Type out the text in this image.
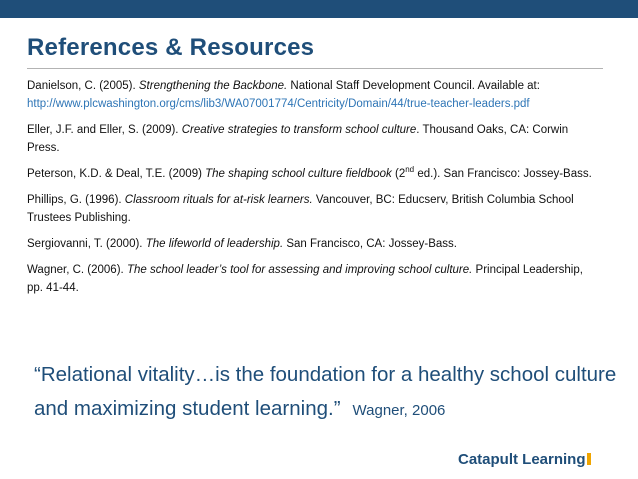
References & Resources

Danielson, C. (2005). Strengthening the Backbone. National Staff Development Council. Available at: http://www.plcwashington.org/cms/lib3/WA07001774/Centricity/Domain/44/true-teacher-leaders.pdf

Eller, J.F. and Eller, S. (2009). Creative strategies to transform school culture. Thousand Oaks, CA: Corwin Press.

Peterson, K.D. & Deal, T.E. (2009) The shaping school culture fieldbook (2nd ed.). San Francisco: Jossey-Bass.

Phillips, G. (1996). Classroom rituals for at-risk learners. Vancouver, BC: Educserv, British Columbia School Trustees Publishing.

Sergiovanni, T. (2000). The lifeworld of leadership. San Francisco, CA: Jossey-Bass.

Wagner, C. (2006). The school leader’s tool for assessing and improving school culture. Principal Leadership, pp. 41-44.

“Relational vitality…is the foundation for a healthy school culture and maximizing student learning.” Wagner, 2006
Catapult Learning
